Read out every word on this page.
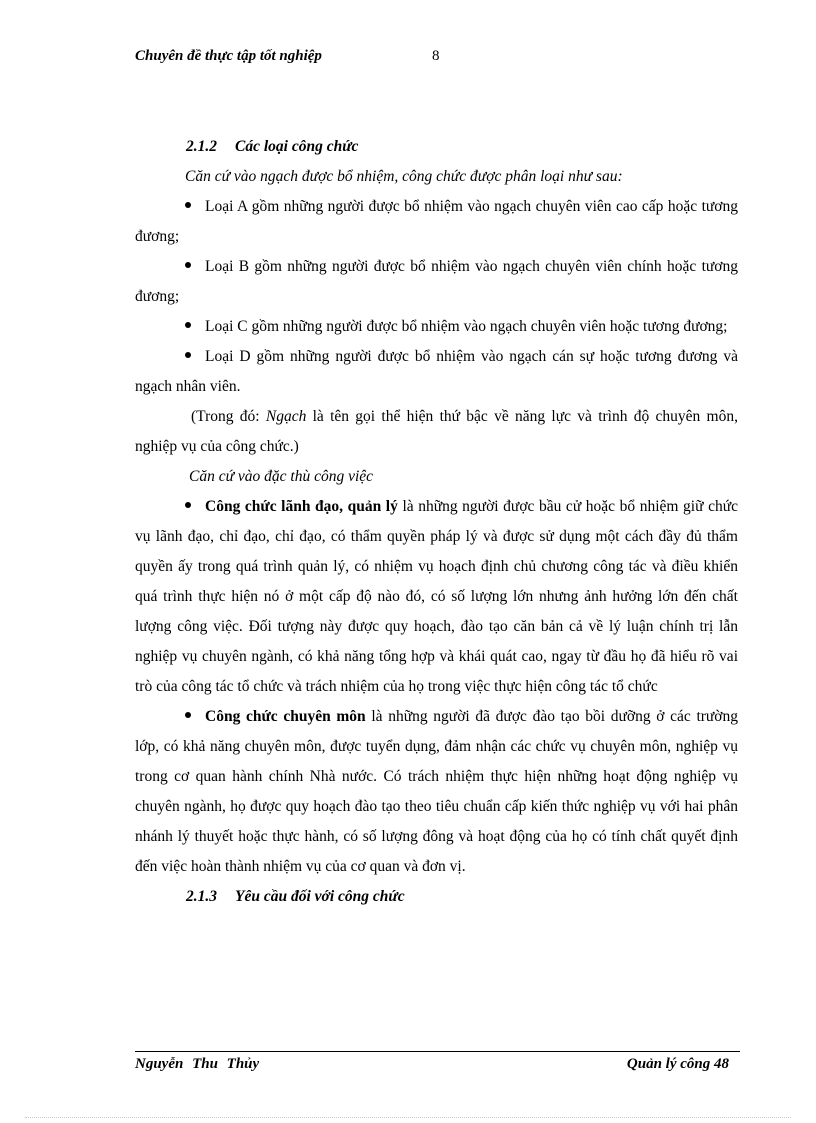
Chuyên đề thực tập tốt nghiệp	8

2.1.2 Các loại công chức

Căn cứ vào ngạch được bổ nhiệm, công chức được phân loại như sau:

Loại A gồm những người được bổ nhiệm vào ngạch chuyên viên cao cấp hoặc tương đương;

Loại B gồm những người được bổ nhiệm vào ngạch chuyên viên chính hoặc tương đương;

Loại C gồm những người được bổ nhiệm vào ngạch chuyên viên hoặc tương đương;

Loại D gồm những người được bổ nhiệm vào ngạch cán sự hoặc tương đương và ngạch nhân viên.

(Trong đó: Ngạch là tên gọi thể hiện thứ bậc về năng lực và trình độ chuyên môn, nghiệp vụ của công chức.)

Căn cứ vào đặc thù công việc

Công chức lãnh đạo, quản lý là những người được bầu cử hoặc bổ nhiệm giữ chức vụ lãnh đạo, chỉ đạo, chỉ đạo, có thẩm quyền pháp lý và được sử dụng một cách đầy đủ thẩm quyền ấy trong quá trình quản lý, có nhiệm vụ hoạch định chủ chương công tác và điều khiển quá trình thực hiện nó ở một cấp độ nào đó, có số lượng lớn nhưng ảnh hưởng lớn đến chất lượng công việc. Đối tượng này được quy hoạch, đào tạo căn bản cả về lý luận chính trị lẫn nghiệp vụ chuyên ngành, có khả năng tổng hợp và khái quát cao, ngay từ đầu họ đã hiểu rõ vai trò của công tác tổ chức và trách nhiệm của họ trong việc thực hiện công tác tổ chức

Công chức chuyên môn là những người đã được đào tạo bồi dưỡng ở các trường lớp, có khả năng chuyên môn, được tuyển dụng, đảm nhận các chức vụ chuyên môn, nghiệp vụ trong cơ quan hành chính Nhà nước. Có trách nhiệm thực hiện những hoạt động nghiệp vụ chuyên ngành, họ được quy hoạch đào tạo theo tiêu chuẩn cấp kiến thức nghiệp vụ với hai phân nhánh lý thuyết hoặc thực hành, có số lượng đông và hoạt động của họ có tính chất quyết định đến việc hoàn thành nhiệm vụ của cơ quan và đơn vị.

2.1.3 Yêu cầu đối với công chức

Nguyễn Thu Thủy	Quản lý công 48
